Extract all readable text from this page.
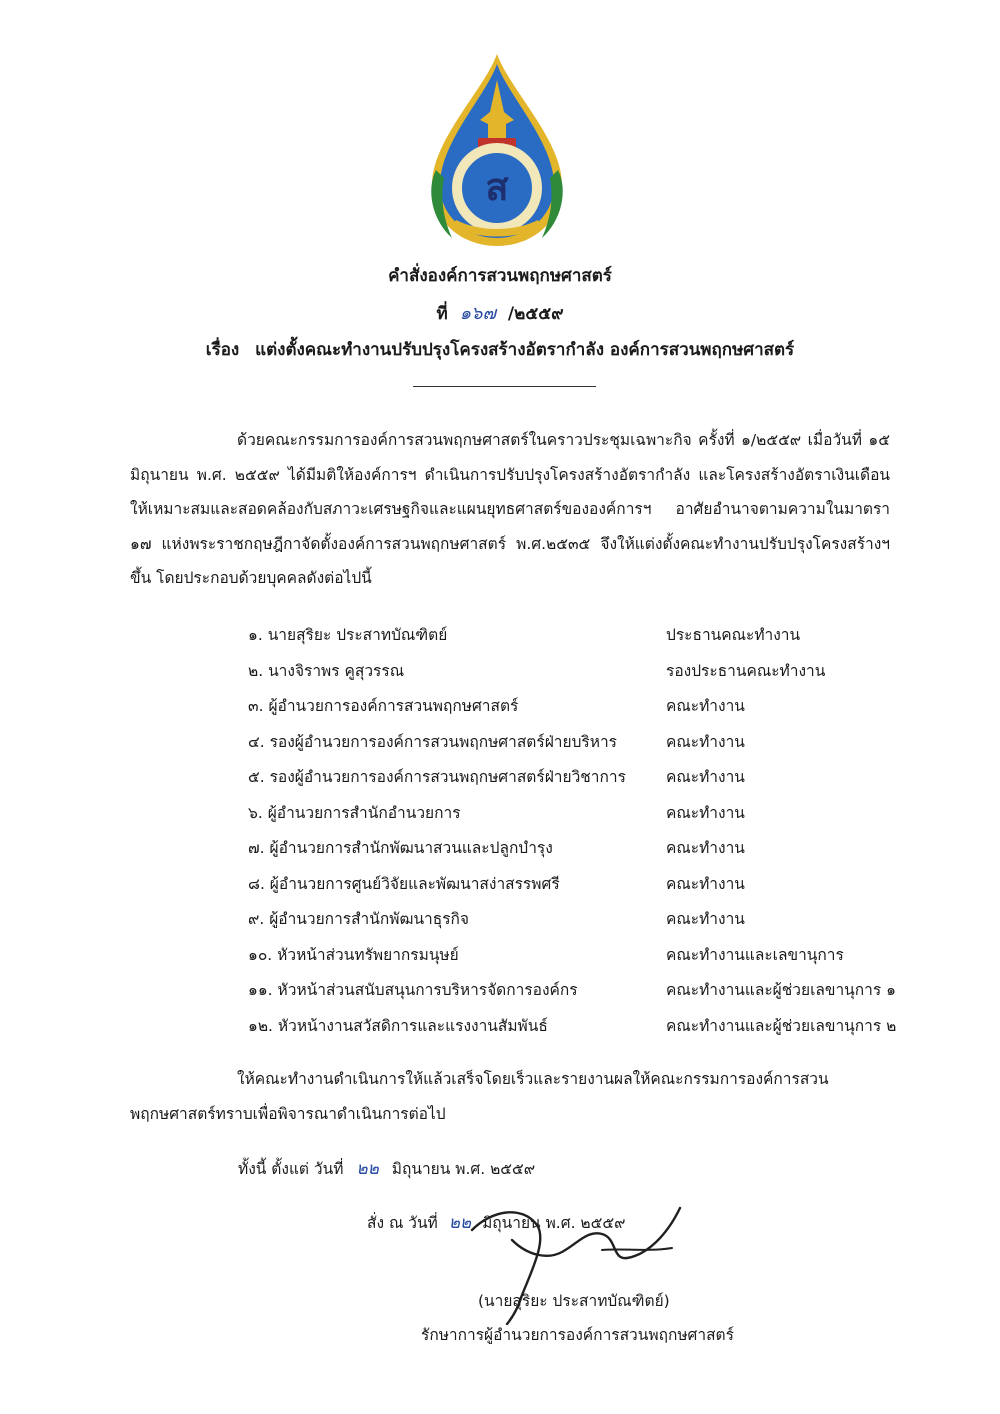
ส
คำสั่งองค์การสวนพฤกษศาสตร์
ที่ ๑๖๗ /๒๕๕๙
เรื่อง แต่งตั้งคณะทำงานปรับปรุงโครงสร้างอัตรากำลัง องค์การสวนพฤกษศาสตร์
ด้วยคณะกรรมการองค์การสวนพฤกษศาสตร์ในคราวประชุมเฉพาะกิจ ครั้งที่ ๑/๒๕๕๙ เมื่อวันที่ ๑๕ มิถุนายน พ.ศ. ๒๕๕๙ ได้มีมติให้องค์การฯ ดำเนินการปรับปรุงโครงสร้างอัตรากำลัง และโครงสร้างอัตราเงินเดือน ให้เหมาะสมและสอดคล้องกับสภาวะเศรษฐกิจและแผนยุทธศาสตร์ขององค์การฯ อาศัยอำนาจตามความในมาตรา ๑๗ แห่งพระราชกฤษฎีกาจัดตั้งองค์การสวนพฤกษศาสตร์ พ.ศ.๒๕๓๕ จึงให้แต่งตั้งคณะทำงานปรับปรุงโครงสร้างฯ ขึ้น โดยประกอบด้วยบุคคลดังต่อไปนี้
๑. นายสุริยะ ประสาทบัณฑิตย์	ประธานคณะทำงาน
๒. นางจิราพร คูสุวรรณ	รองประธานคณะทำงาน
๓. ผู้อำนวยการองค์การสวนพฤกษศาสตร์	คณะทำงาน
๔. รองผู้อำนวยการองค์การสวนพฤกษศาสตร์ฝ่ายบริหาร	คณะทำงาน
๕. รองผู้อำนวยการองค์การสวนพฤกษศาสตร์ฝ่ายวิชาการ	คณะทำงาน
๖. ผู้อำนวยการสำนักอำนวยการ	คณะทำงาน
๗. ผู้อำนวยการสำนักพัฒนาสวนและปลูกบำรุง	คณะทำงาน
๘. ผู้อำนวยการศูนย์วิจัยและพัฒนาสง่าสรรพศรี	คณะทำงาน
๙. ผู้อำนวยการสำนักพัฒนาธุรกิจ	คณะทำงาน
๑๐. หัวหน้าส่วนทรัพยากรมนุษย์	คณะทำงานและเลขานุการ
๑๑. หัวหน้าส่วนสนับสนุนการบริหารจัดการองค์กร	คณะทำงานและผู้ช่วยเลขานุการ ๑
๑๒. หัวหน้างานสวัสดิการและแรงงานสัมพันธ์	คณะทำงานและผู้ช่วยเลขานุการ ๒
ให้คณะทำงานดำเนินการให้แล้วเสร็จโดยเร็วและรายงานผลให้คณะกรรมการองค์การสวนพฤกษศาสตร์ทราบเพื่อพิจารณาดำเนินการต่อไป
ทั้งนี้ ตั้งแต่ วันที่ ๒๒ มิถุนายน พ.ศ. ๒๕๕๙
สั่ง ณ วันที่ ๒๒ มิถุนายน พ.ศ. ๒๕๕๙
(นายสุริยะ ประสาทบัณฑิตย์)
รักษาการผู้อำนวยการองค์การสวนพฤกษศาสตร์
